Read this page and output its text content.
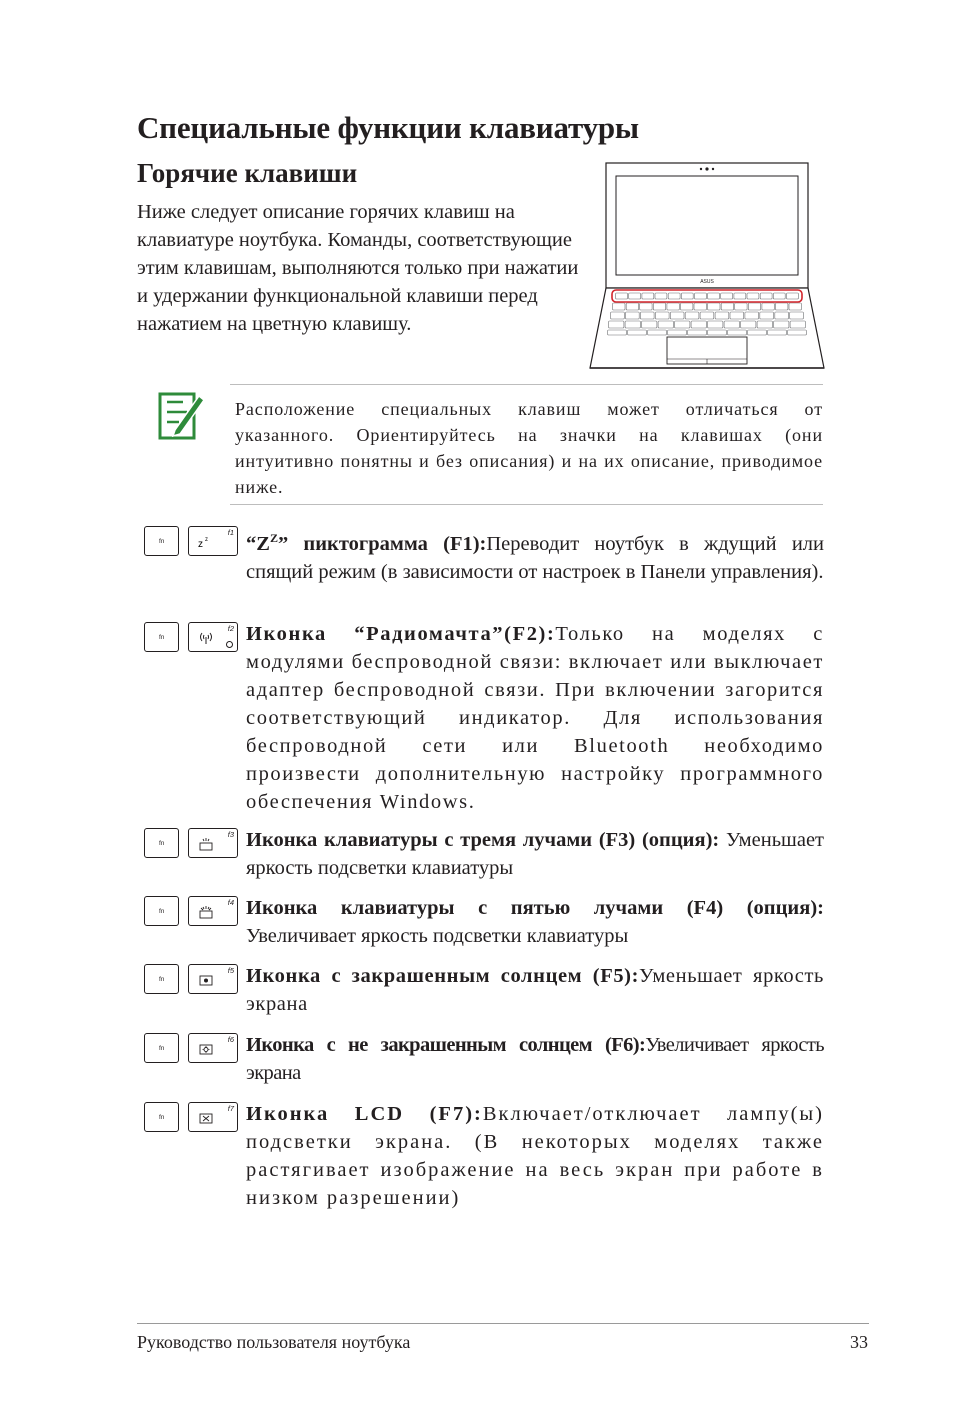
Специальные функции клавиатуры
Горячие клавиши

Ниже следует описание горячих клавиш на клавиатуре ноутбука. Команды, соответствующие этим клавишам, выполняются только при нажатии и удержании функциональной клавиши перед нажатием на цветную клавишу.

ASUS

Расположение специальных клавиш может отличаться от указанного. Ориентируйтесь на значки на клавишах (они интуитивно понятны и без описания) и на их описание, приводимое ниже.

fn
f1
z z “$Z^Z$” пиктограмма (F1):Переводит ноутбук в ждущий или спящий режим (в зависимости от настроек в Панели управления).

fn
f2 Иконка “Радиомачта”(F2):Только на моделях с модулями беспроводной связи: включает или выключает адаптер беспроводной связи. При включении загорится соответствующий индикатор. Для использования беспроводной сети или Bluetooth необходимо произвести дополнительную настройку программного обеспечения Windows.

fn
f3 Иконка клавиатуры с тремя лучами (F3) (опция): Уменьшает яркость подсветки клавиатуры

fn
f4 Иконка клавиатуры с пятью лучами (F4) (опция): Увеличивает яркость подсветки клавиатуры

fn
f5 Иконка с закрашенным солнцем (F5):Уменьшает яркость экрана

fn
f6 Иконка с не закрашенным солнцем (F6):Увеличивает яркость экрана

fn
f7 Иконка LCD (F7):Включает/отключает лампу(ы) подсветки экрана. (В некоторых моделях также растягивает изображение на весь экран при работе в низком разрешении)

Руководство пользователя ноутбука	33
